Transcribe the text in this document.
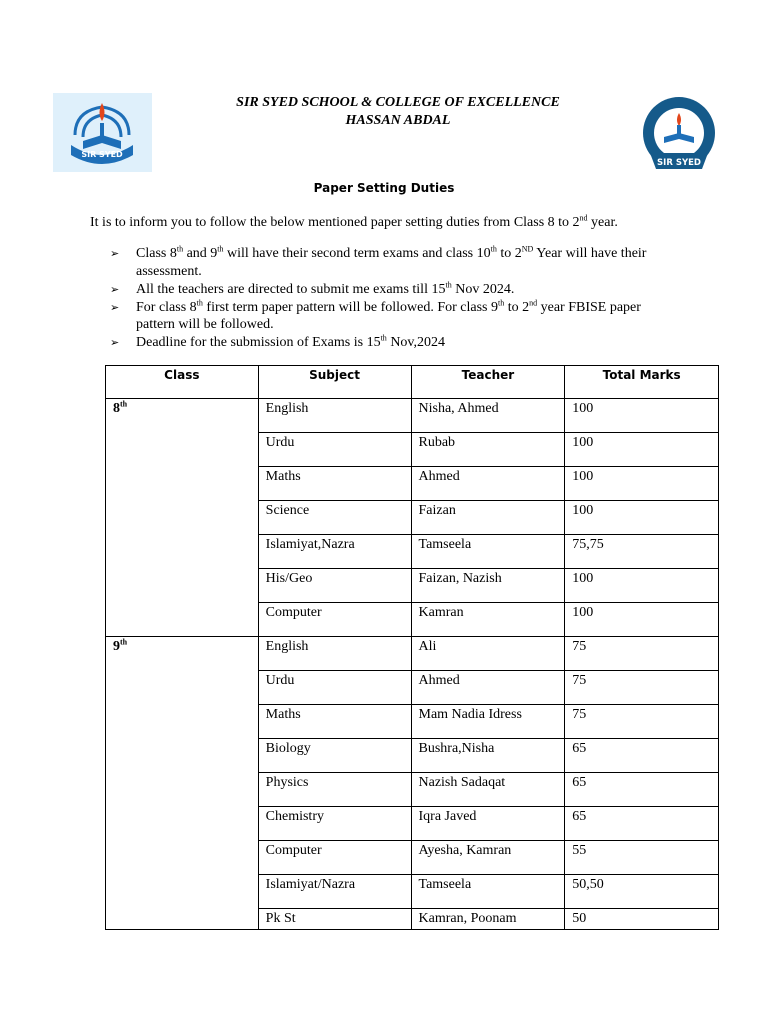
SIR SYED
SIR SYED
SIR SYED SCHOOL & COLLEGE OF EXCELLENCE
HASSAN ABDAL
Paper Setting Duties
It is to inform you to follow the below mentioned paper setting duties from Class 8 to 2nd year.
➢ Class 8th and 9th will have their second term exams and class 10th to 2ND Year will have their assessment.
➢ All the teachers are directed to submit me exams till 15th Nov 2024.
➢ For class 8th first term paper pattern will be followed. For class 9th to 2nd year FBISE paper pattern will be followed.
➢ Deadline for the submission of Exams is 15th Nov,2024
Class	Subject	Teacher	Total Marks
8th	English	Nisha, Ahmed	100
	Urdu	Rubab	100
	Maths	Ahmed	100
	Science	Faizan	100
	Islamiyat,Nazra	Tamseela	75,75
	His/Geo	Faizan, Nazish	100
	Computer	Kamran	100
9th	English	Ali	75
	Urdu	Ahmed	75
	Maths	Mam Nadia Idress	75
	Biology	Bushra,Nisha	65
	Physics	Nazish Sadaqat	65
	Chemistry	Iqra Javed	65
	Computer	Ayesha, Kamran	55
	Islamiyat/Nazra	Tamseela	50,50
	Pk St	Kamran, Poonam	50
